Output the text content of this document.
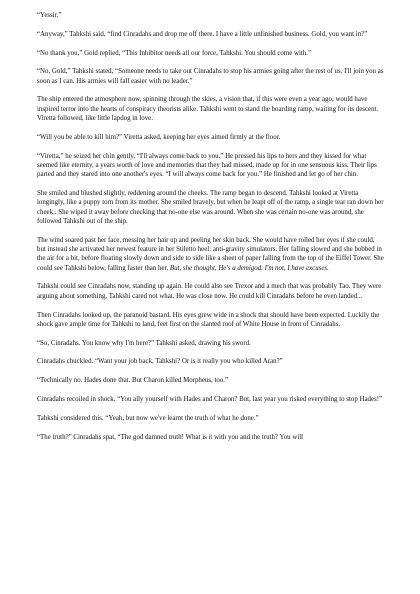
“Yessir.”

“Anyway,” Tahkshi said, “find Cinradahs and drop me off there. I have a little unfinished business. Gold, you want in?”

“No thank you,” Gold replied, “This Inhibitor needs all our force, Tahkshi. You should come with.”

“No, Gold,” Tahkshi stated, “Someone needs to take out Cinradahs to stop his armies going after the rest of us. I'll join you as soon as I can. His armies will fall easier with no leader.”

The ship entered the atmosphere now, spinning through the skies, a vision that, if this were even a year ago, would have inspired terror into the hearts of conspiracy theorists alike. Tahkshi went to stand the boarding ramp, waiting for its descent. Viretta followed, like little lapdog in love.

“Will you be able to kill him?” Viretta asked, keeping her eyes aimed firmly at the floor.

“Viretta,” he seized her chin gently, “I'll always come back to you.” He pressed his lips to hers and they kissed for what seemed like eternity, a years worth of love and memories that they had missed, made up for in one sensuous kiss. Their lips parted and they stared into one another's eyes. “I will always come back for you.” He finished and let go of her chin.

She smiled and blushed slightly, reddening around the cheeks. The ramp began to descend. Tahkshi looked at Viretta longingly, like a puppy torn from its mother. She smiled bravely, but when he leapt off of the ramp, a single tear ran down her cheek.. She wiped it away before checking that no-one else was around. When she was certain no-one was around, she followed Tahkshi out of the ship.

The wind soared past her face, messing her hair up and peeling her skin back. She would have rolled her eyes if she could, but instead she activated her newest feature in her Stiletto heel: anti-gravity simulators. Her falling slowed and she bobbed in the air for a bit, before floating slowly down and side to side like a sheet of paper falling from the top of the Eiffel Tower. She could see Tahkshi below, falling faster than her. But, she thought, He's a demigod. I'm not, I have excuses.

Tahkshi could see Cinradahs now, standing up again. He could also see Trexor and a mech that was probably Tao. They were arguing about something, Tahkshi cared not what. He was close now. He could kill Cinradahs before he even landed...

Then Cinradahs looked up, the paranoid bastard. His eyes grew wide in a shock that should have been expected. Luckily the shock gave ample time for Tahkshi to land, feet first on the slanted roof of White House in front of Cinradahs.

“So, Cinradahs. You know why I'm here?” Tahkshi asked, drawing his sword.

Cinradahs chuckled. “Want your job back, Tahkshi? Or is it really you who killed Aran?”

“Technically no. Hades done that. But Charon killed Morpheus, too.”

Cinradahs recoiled in shock. “You ally yourself with Hades and Charon? But, last year you risked everything to stop Hades!”

Tahkshi considered this. “Yeah, but now we've learnt the truth of what he done.”

“The truth?” Cinradahs spat, “The god damned truth! What is it with you and the truth? You will
